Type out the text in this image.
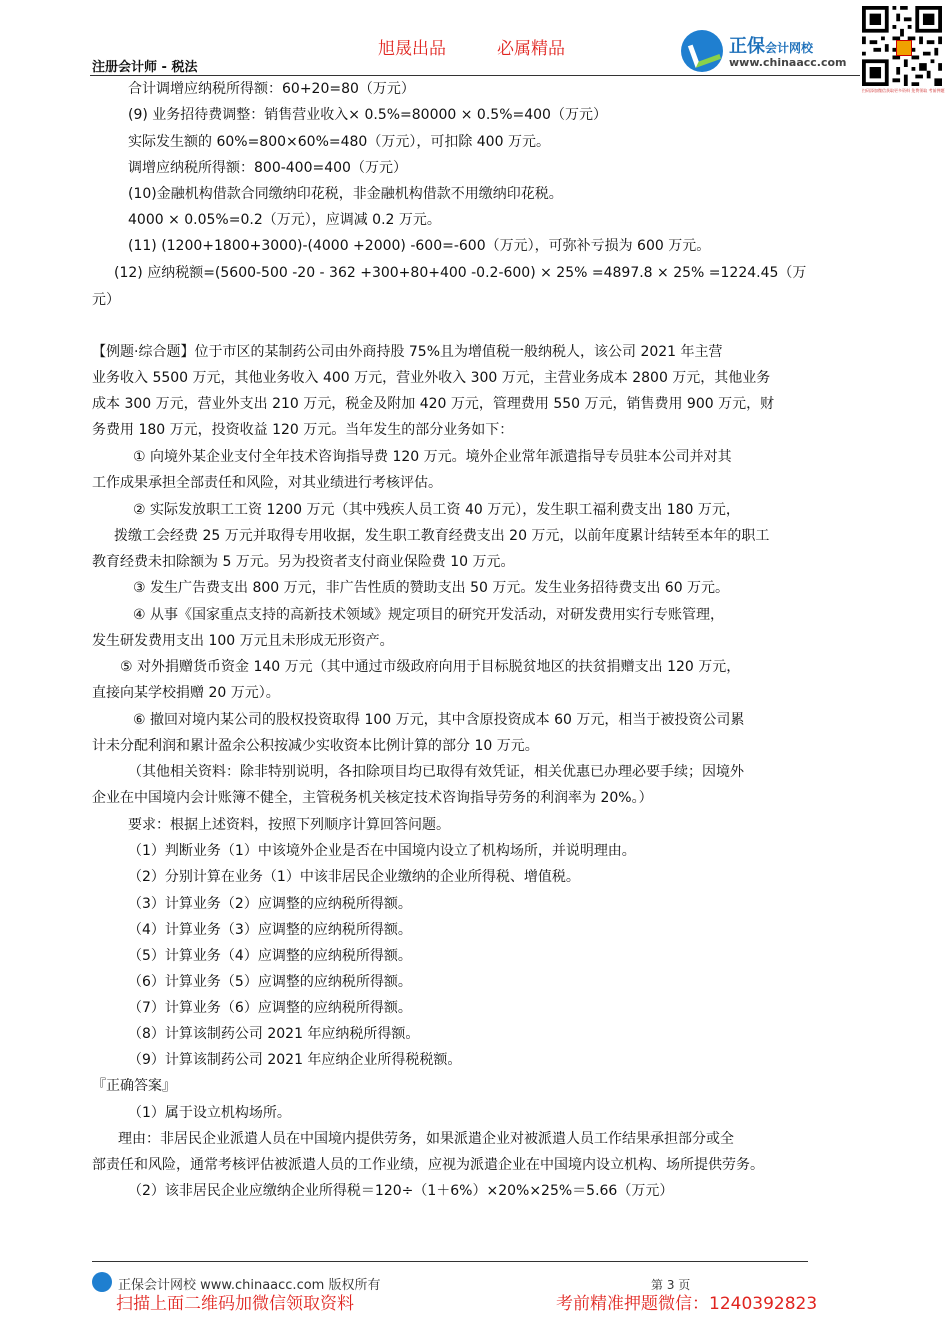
旭晟出品	必属精品
注册会计师 - 税法
正保会计网校
www.chinaacc.com
扫码添加微信获取更多资料 免费领取 考前押题
合计调增应纳税所得额：60+20=80（万元）
(9) 业务招待费调整：销售营业收入× 0.5%=80000 × 0.5%=400（万元）
实际发生额的 60%=800×60%=480（万元），可扣除 400 万元。
调增应纳税所得额：800-400=400（万元）
(10)金融机构借款合同缴纳印花税，非金融机构借款不用缴纳印花税。
4000 × 0.05%=0.2（万元），应调减 0.2 万元。
(11) (1200+1800+3000)-(4000 +2000) -600=-600（万元），可弥补亏损为 600 万元。
(12) 应纳税额=(5600-500 -20 - 362 +300+80+400 -0.2-600) × 25% =4897.8 × 25% =1224.45（万
元）
【例题·综合题】位于市区的某制药公司由外商持股 75%且为增值税一般纳税人，该公司 2021 年主营
业务收入 5500 万元，其他业务收入 400 万元，营业外收入 300 万元，主营业务成本 2800 万元，其他业务
成本 300 万元，营业外支出 210 万元，税金及附加 420 万元，管理费用 550 万元，销售费用 900 万元，财
务费用 180 万元，投资收益 120 万元。当年发生的部分业务如下：
① 向境外某企业支付全年技术咨询指导费 120 万元。境外企业常年派遣指导专员驻本公司并对其
工作成果承担全部责任和风险，对其业绩进行考核评估。
② 实际发放职工工资 1200 万元（其中残疾人员工资 40 万元），发生职工福利费支出 180 万元，
拨缴工会经费 25 万元并取得专用收据，发生职工教育经费支出 20 万元，以前年度累计结转至本年的职工
教育经费未扣除额为 5 万元。另为投资者支付商业保险费 10 万元。
③ 发生广告费支出 800 万元，非广告性质的赞助支出 50 万元。发生业务招待费支出 60 万元。
④ 从事《国家重点支持的高新技术领域》规定项目的研究开发活动，对研发费用实行专账管理，
发生研发费用支出 100 万元且未形成无形资产。
⑤ 对外捐赠货币资金 140 万元（其中通过市级政府向用于目标脱贫地区的扶贫捐赠支出 120 万元，
直接向某学校捐赠 20 万元）。
⑥ 撤回对境内某公司的股权投资取得 100 万元，其中含原投资成本 60 万元，相当于被投资公司累
计未分配利润和累计盈余公积按减少实收资本比例计算的部分 10 万元。
（其他相关资料：除非特别说明，各扣除项目均已取得有效凭证，相关优惠已办理必要手续；因境外
企业在中国境内会计账簿不健全，主管税务机关核定技术咨询指导劳务的利润率为 20%。）
要求：根据上述资料，按照下列顺序计算回答问题。
（1）判断业务（1）中该境外企业是否在中国境内设立了机构场所，并说明理由。
（2）分别计算在业务（1）中该非居民企业缴纳的企业所得税、增值税。
（3）计算业务（2）应调整的应纳税所得额。
（4）计算业务（3）应调整的应纳税所得额。
（5）计算业务（4）应调整的应纳税所得额。
（6）计算业务（5）应调整的应纳税所得额。
（7）计算业务（6）应调整的应纳税所得额。
（8）计算该制药公司 2021 年应纳税所得额。
（9）计算该制药公司 2021 年应纳企业所得税税额。
『正确答案』
（1）属于设立机构场所。
理由：非居民企业派遣人员在中国境内提供劳务，如果派遣企业对被派遣人员工作结果承担部分或全
部责任和风险，通常考核评估被派遣人员的工作业绩，应视为派遣企业在中国境内设立机构、场所提供劳务。
（2）该非居民企业应缴纳企业所得税＝120÷（1＋6%）×20%×25%＝5.66（万元）
正保会计网校 www.chinaacc.com 版权所有	第 3 页
扫描上面二维码加微信领取资料	考前精准押题微信：1240392823
